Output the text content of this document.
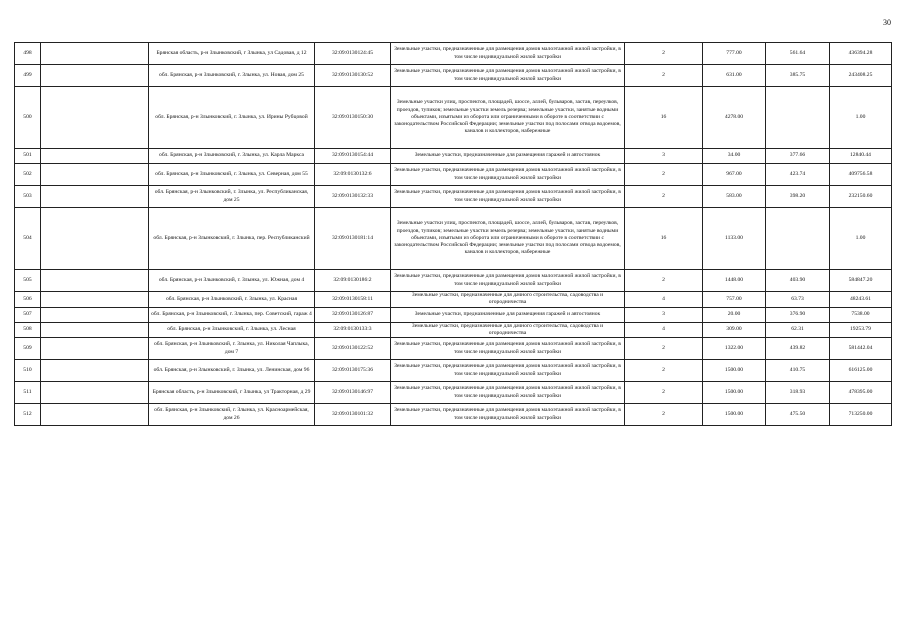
30
498		Брянская область, р-н Злынковский, г Злынка, ул Садовая, д 12	32:09:0130124:45	Земельные участки, предназначенные для размещения домов малоэтажной жилой застройки, в том числе индивидуальной жилой застройки	2	777.00	561.64	436394.28
499		обл. Брянская, р-н Злынковский, г. Злынка, ул. Новая, дом 25	32:09:0130130:52	Земельные участки, предназначенные для размещения домов малоэтажной жилой застройки, в том числе индивидуальной жилой застройки	2	631.00	385.75	243408.25
500		обл. Брянская, р-н Злынковский, г. Злынка, ул. Ирины Рубцовой	32:09:0130150:30	Земельные участки улиц, проспектов, площадей, шоссе, аллей, бульваров, застав, переулков, проездов, тупиков; земельные участки земель резерва; земельные участки, занятые водными объектами, изъятыми из оборота или ограниченными в обороте в соответствии с законодательством Российской Федерации; земельные участки под полосами отвода водоемов, каналов и коллекторов, набережные	16	4278.00		1.00
501		обл. Брянская, р-н Злынковский, г. Злынка, ул. Карла Маркса	32:09:0130154:44	Земельные участки, предназначенные для размещения гаражей и автостоянок	3	34.00	377.66	12840.44
502		обл. Брянская, р-н Злынковский, г. Злынка, ул. Северная, дом 55	32:09:0130132:6	Земельные участки, предназначенные для размещения домов малоэтажной жилой застройки, в том числе индивидуальной жилой застройки	2	967.00	423.74	409756.58
503		обл. Брянская, р-н Злынковский, г. Злынка, ул. Республиканская, дом 25	32:09:0130132:33	Земельные участки, предназначенные для размещения домов малоэтажной жилой застройки, в том числе индивидуальной жилой застройки	2	583.00	398.20	232150.60
504		обл. Брянская, р-н Злынковский, г. Злынка, пер. Республиканский	32:09:0130181:14	Земельные участки улиц, проспектов, площадей, шоссе, аллей, бульваров, застав, переулков, проездов, тупиков; земельные участки земель резерва; земельные участки, занятые водными объектами, изъятыми из оборота или ограниченными в обороте в соответствии с законодательством Российской Федерации; земельные участки под полосами отвода водоемов, каналов и коллекторов, набережные	16	1133.00		1.00
505		обл. Брянская, р-н Злынковский, г. Злынка, ул. Южная, дом 4	32:09:0130186:2	Земельные участки, предназначенные для размещения домов малоэтажной жилой застройки, в том числе индивидуальной жилой застройки	2	1448.00	403.90	584847.20
506		обл. Брянская, р-н Злынковский, г. Злынка, ул. Красная	32:09:0130158:11	Земельные участки, предназначенные для дачного строительства, садоводства и огородничества	4	757.00	63.73	48243.61
507		обл. Брянская, р-н Злынковский, г. Злынка, пер. Советский, гараж 4	32:09:0130126:87	Земельные участки, предназначенные для размещения гаражей и автостоянок	3	20.00	376.90	7538.00
508		обл. Брянская, р-н Злынковский, г. Злынка, ул. Лесная	32:09:0130133:3	Земельные участки, предназначенные для дачного строительства, садоводства и огородничества	4	309.00	62.31	19253.79
509		обл. Брянская, р-н Злынковский, г. Злынка, ул. Николая Чаплыка, дом 7	32:09:0130122:52	Земельные участки, предназначенные для размещения домов малоэтажной жилой застройки, в том числе индивидуальной жилой застройки	2	1322.00	439.82	581442.04
510		обл. Брянская, р-н Злынковский, г. Злынка, ул. Ленинская, дом 96	32:09:0130175:36	Земельные участки, предназначенные для размещения домов малоэтажной жилой застройки, в том числе индивидуальной жилой застройки	2	1500.00	410.75	616125.00
511		Брянская область, р-н Злынковский, г Злынка, ул Тракторная, д 29	32:09:0130146:97	Земельные участки, предназначенные для размещения домов малоэтажной жилой застройки, в том числе индивидуальной жилой застройки	2	1500.00	318.93	478395.00
512		обл. Брянская, р-н Злынковский, г. Злынка, ул. Красноармейская, дом 26	32:09:0130101:32	Земельные участки, предназначенные для размещения домов малоэтажной жилой застройки, в том числе индивидуальной жилой застройки	2	1500.00	475.50	713250.00
